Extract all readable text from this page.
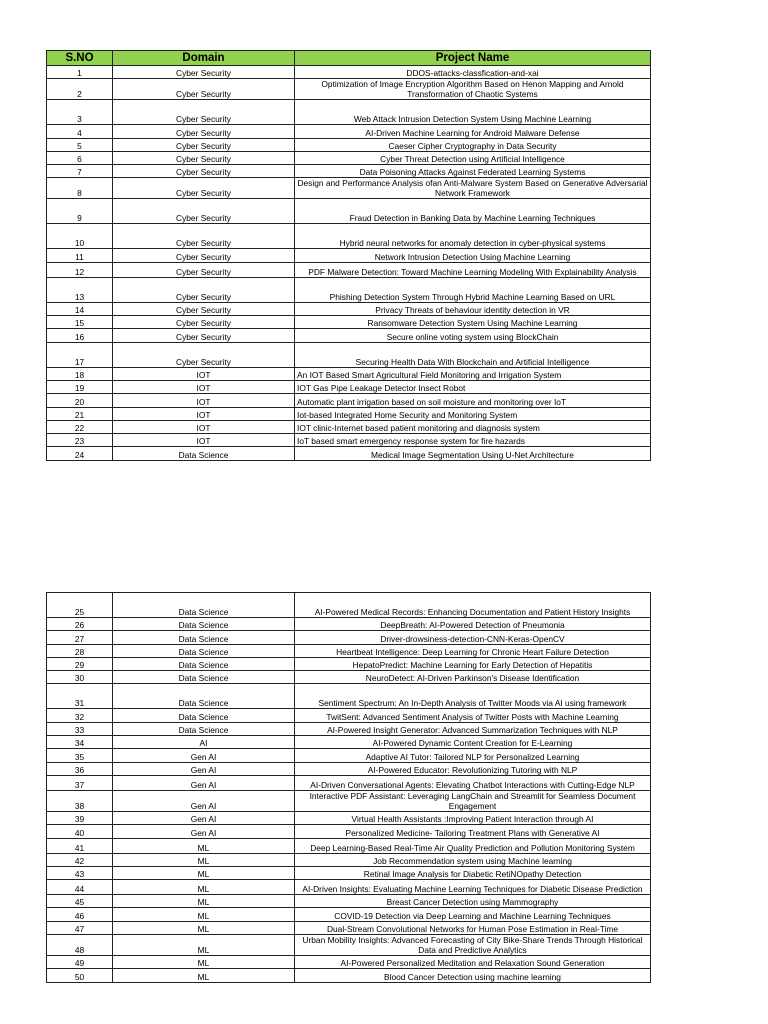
S.NO	Domain	Project Name
1	Cyber Security	DDOS-attacks-classfication-and-xai
2	Cyber Security	Optimization of Image Encryption Algorithm Based on Henon Mapping and Arnold Transformation of Chaotic Systems
3	Cyber Security	Web Attack Intrusion Detection System Using Machine Learning
4	Cyber Security	AI-Driven Machine Learning for Android Malware Defense
5	Cyber Security	Caeser Cipher Cryptography in Data Security
6	Cyber Security	Cyber Threat Detection using Artificial Intelligence
7	Cyber Security	Data Poisoning Attacks Against Federated Learning Systems
8	Cyber Security	Design and Performance Analysis ofan Anti-Malware System Based on Generative Adversarial Network Framework
9	Cyber Security	Fraud Detection in Banking Data by Machine Learning Techniques
10	Cyber Security	Hybrid neural networks for anomaly detection in cyber-physical systems
11	Cyber Security	Network Intrusion Detection Using Machine Learning
12	Cyber Security	PDF Malware Detection: Toward Machine Learning Modeling With Explainability Analysis
13	Cyber Security	Phishing Detection System Through Hybrid Machine Learning Based on URL
14	Cyber Security	Privacy Threats of behaviour identity detection in VR
15	Cyber Security	Ransomware Detection System Using Machine Learning
16	Cyber Security	Secure online voting system using BlockChain
17	Cyber Security	Securing Health Data With Blockchain and Artificial Intelligence
18	IOT	An IOT Based Smart Agricultural Field Monitoring and Irrigation System
19	IOT	IOT Gas Pipe Leakage Detector Insect Robot
20	IOT	Automatic plant irrigation based on soil moisture and monitoring over IoT
21	IOT	Iot-based Integrated Home Security and Monitoring System
22	IOT	IOT clinic-Internet based patient monitoring and diagnosis system
23	IOT	IoT based smart emergency response system for fire hazards
24	Data Science	Medical Image Segmentation Using U-Net Architecture
25	Data Science	AI-Powered Medical Records: Enhancing Documentation and Patient History Insights
26	Data Science	DeepBreath: AI-Powered Detection of Pneumonia
27	Data Science	Driver-drowsiness-detection-CNN-Keras-OpenCV
28	Data Science	Heartbeat Intelligence: Deep Learning for Chronic Heart Failure Detection
29	Data Science	HepatoPredict: Machine Learning for Early Detection of Hepatitis
30	Data Science	NeuroDetect: AI-Driven Parkinson's Disease Identification
31	Data Science	Sentiment Spectrum: An In-Depth Analysis of Twitter Moods via AI using framework
32	Data Science	TwitSent: Advanced Sentiment Analysis of Twitter Posts with Machine Learning
33	Data Science	AI-Powered Insight Generator: Advanced Summarization Techniques with NLP
34	AI	AI-Powered Dynamic Content Creation for E-Learning
35	Gen AI	Adaptive AI Tutor: Tailored NLP for Personalized Learning
36	Gen AI	AI-Powered Educator: Revolutionizing Tutoring with NLP
37	Gen AI	AI-Driven Conversational Agents: Elevating Chatbot Interactions with Cutting-Edge NLP
38	Gen AI	Interactive PDF Assistant: Leveraging LangChain and Streamlit for Seamless Document Engagement
39	Gen AI	Virtual Health Assistants :Improving Patient Interaction through AI
40	Gen AI	Personalized Medicine- Tailoring Treatment Plans with Generative AI
41	ML	Deep Learning-Based Real-Time Air Quality Prediction and Pollution Monitoring System
42	ML	Job Recommendation system using Machine learning
43	ML	Retinal Image Analysis for Diabetic RetiNOpathy Detection
44	ML	AI-Driven Insights: Evaluating Machine Learning Techniques for Diabetic Disease Prediction
45	ML	Breast Cancer Detection using Mammography
46	ML	COVID-19 Detection via Deep Learning and Machine Learning Techniques
47	ML	Dual-Stream Convolutional Networks for Human Pose Estimation in Real-Time
48	ML	Urban Mobility Insights: Advanced Forecasting of City Bike-Share Trends Through Historical Data and Predictive Analytics
49	ML	AI-Powered Personalized Meditation and Relaxation Sound Generation
50	ML	Blood Cancer Detection using machine learning
